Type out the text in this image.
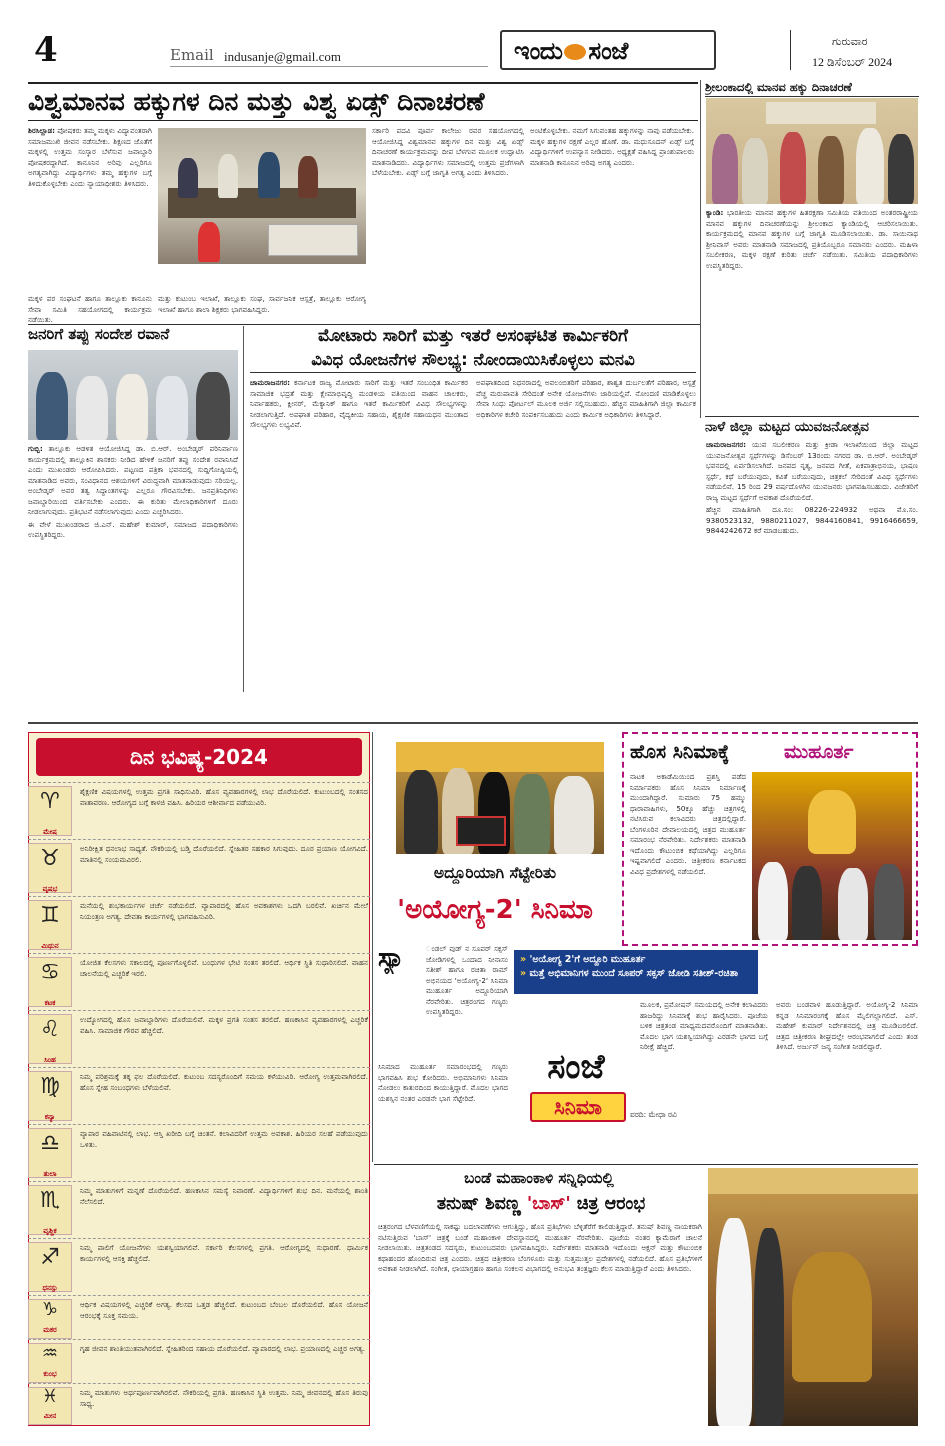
4	Email indusanje@gmail.com	ಇಂದು ಸಂಜೆ	ಗುರುವಾರ
12 ಡಿಸೆಂಬರ್ 2024
ವಿಶ್ವಮಾನವ ಹಕ್ಕುಗಳ ದಿನ ಮತ್ತು ವಿಶ್ವ ಏಡ್ಸ್ ದಿನಾಚರಣೆ

ಶಿರಸಿಲ್ಲಾಡ: ಪೋಷಕರು ತಮ್ಮ ಮಕ್ಕಳು ವಿದ್ಯಾವಂತರಾಗಿ ಸಮಾಜಮುಖಿ ಜೀವನ ನಡೆಸಬೇಕು. ಶಿಕ್ಷಣದ ಜೊತೆಗೆ ಮಕ್ಕಳಲ್ಲಿ ಉತ್ತಮ ಸಂಸ್ಕಾರ ಬೆಳೆಸುವ ಜವಾಬ್ದಾರಿ ಪೋಷಕರದ್ದಾಗಿದೆ. ಕಾನೂನಿನ ಅರಿವು ಎಲ್ಲರಿಗೂ ಅಗತ್ಯವಾಗಿದ್ದು ವಿದ್ಯಾರ್ಥಿಗಳು ತಮ್ಮ ಹಕ್ಕುಗಳ ಬಗ್ಗೆ ತಿಳಿದುಕೊಳ್ಳಬೇಕು ಎಂದು ನ್ಯಾಯಾಧೀಶರು ತಿಳಿಸಿದರು.

ಮಕ್ಕಳ ಪರ ಸಂಘಟನೆ ಹಾಗೂ ತಾಲ್ಲೂಕು ಕಾನೂನು ಸೇವಾ ಸಮಿತಿ ಸಹಯೋಗದಲ್ಲಿ ಕಾರ್ಯಕ್ರಮ ನಡೆಯಿತು.
ಮತ್ತು ಕುಟುಂಬ ಇಲಾಖೆ, ತಾಲ್ಲೂಕು ಸಂಘ, ಸಾರ್ವಜನಿಕ ಆಸ್ಪತ್ರೆ, ತಾಲ್ಲೂಕು ಆರೋಗ್ಯ ಇಲಾಖೆ ಹಾಗೂ ಶಾಲಾ ಶಿಕ್ಷಕರು ಭಾಗವಹಿಸಿದ್ದರು.
ಸರ್ಕಾರಿ ಪದವಿ ಪೂರ್ವ ಕಾಲೇಜು ರವರ ಸಹಯೋಗದಲ್ಲಿ ಆಯೋಜಿಸಿದ್ದ ವಿಶ್ವಮಾನವ ಹಕ್ಕುಗಳ ದಿನ ಮತ್ತು ವಿಶ್ವ ಏಡ್ಸ್ ದಿನಾಚರಣೆ ಕಾರ್ಯಕ್ರಮವನ್ನು ದೀಪ ಬೆಳಗುವ ಮೂಲಕ ಉದ್ಘಾಟಿಸಿ ಮಾತನಾಡಿದರು. ವಿದ್ಯಾರ್ಥಿಗಳು ಸಮಾಜದಲ್ಲಿ ಉತ್ತಮ ಪ್ರಜೆಗಳಾಗಿ ಬೆಳೆಯಬೇಕು. ಏಡ್ಸ್ ಬಗ್ಗೆ ಜಾಗೃತಿ ಅಗತ್ಯ ಎಂದು ತಿಳಿಸಿದರು.
ಅಂಟಿಕೊಳ್ಳಬೇಕು. ನಮಗೆ ಸಿಗುವಂತಹ ಹಕ್ಕುಗಳನ್ನು ನಾವು ಪಡೆಯಬೇಕು. ಮಕ್ಕಳ ಹಕ್ಕುಗಳ ರಕ್ಷಣೆ ಎಲ್ಲರ ಹೊಣೆ. ಡಾ. ಮಧುಸೂದನ್ ಏಡ್ಸ್ ಬಗ್ಗೆ ವಿದ್ಯಾರ್ಥಿಗಳಿಗೆ ಉಪನ್ಯಾಸ ನೀಡಿದರು. ಅಧ್ಯಕ್ಷತೆ ವಹಿಸಿದ್ದ ಪ್ರಾಂಶುಪಾಲರು ಮಾತನಾಡಿ ಕಾನೂನಿನ ಅರಿವು ಅಗತ್ಯ ಎಂದರು.
ಶ್ರೀಲಂಕಾದಲ್ಲಿ ಮಾನವ ಹಕ್ಕು ದಿನಾಚರಣೆ

ಕ್ಯಾಂಡಿ: ಭಾರತೀಯ ಮಾನವ ಹಕ್ಕುಗಳ ಹಿತರಕ್ಷಣಾ ಸಮಿತಿಯ ವತಿಯಿಂದ ಅಂತರರಾಷ್ಟ್ರೀಯ ಮಾನವ ಹಕ್ಕುಗಳ ದಿನಾಚರಣೆಯನ್ನು ಶ್ರೀಲಂಕಾದ ಕ್ಯಾಂಡಿಯಲ್ಲಿ ಆಚರಿಸಲಾಯಿತು. ಕಾರ್ಯಕ್ರಮದಲ್ಲಿ ಮಾನವ ಹಕ್ಕುಗಳ ಬಗ್ಗೆ ಜಾಗೃತಿ ಮೂಡಿಸಲಾಯಿತು. ಡಾ. ಸಾಯಿನಾಥ ಶ್ರೀನಿವಾಸ್ ಅವರು ಮಾತನಾಡಿ ಸಮಾಜದಲ್ಲಿ ಪ್ರತಿಯೊಬ್ಬರೂ ಸಮಾನರು ಎಂದರು. ಮಹಿಳಾ ಸಬಲೀಕರಣ, ಮಕ್ಕಳ ರಕ್ಷಣೆ ಕುರಿತು ಚರ್ಚೆ ನಡೆಯಿತು. ಸಮಿತಿಯ ಪದಾಧಿಕಾರಿಗಳು ಉಪಸ್ಥಿತರಿದ್ದರು.

ನಾಳೆ ಜಿಲ್ಲಾ ಮಟ್ಟದ ಯುವಜನೋತ್ಸವ

ಚಾಮರಾಜನಗರ: ಯುವ ಸಬಲೀಕರಣ ಮತ್ತು ಕ್ರೀಡಾ ಇಲಾಖೆಯಿಂದ ಜಿಲ್ಲಾ ಮಟ್ಟದ ಯುವಜನೋತ್ಸವ ಸ್ಪರ್ಧೆಗಳನ್ನು ಡಿಸೆಂಬರ್ 13ರಂದು ನಗರದ ಡಾ. ಬಿ.ಆರ್. ಅಂಬೇಡ್ಕರ್ ಭವನದಲ್ಲಿ ಏರ್ಪಡಿಸಲಾಗಿದೆ. ಜನಪದ ನೃತ್ಯ, ಜನಪದ ಗೀತೆ, ಏಕಪಾತ್ರಾಭಿನಯ, ಭಾಷಣ ಸ್ಪರ್ಧೆ, ಕಥೆ ಬರೆಯುವುದು, ಕವಿತೆ ಬರೆಯುವುದು, ಚಿತ್ರಕಲೆ ಸೇರಿದಂತೆ ವಿವಿಧ ಸ್ಪರ್ಧೆಗಳು ನಡೆಯಲಿವೆ. 15 ರಿಂದ 29 ವರ್ಷದೊಳಗಿನ ಯುವಜನರು ಭಾಗವಹಿಸಬಹುದು. ವಿಜೇತರಿಗೆ ರಾಜ್ಯ ಮಟ್ಟದ ಸ್ಪರ್ಧೆಗೆ ಅವಕಾಶ ದೊರೆಯಲಿದೆ.

ಹೆಚ್ಚಿನ ಮಾಹಿತಿಗಾಗಿ ದೂ.ಸಂ: 08226-224932 ಅಥವಾ ಮೊ.ಸಂ. 9380523132, 9880211027, 9844160841, 9916466659, 9844242672 ಕರೆ ಮಾಡಬಹುದು.

ಜನರಿಗೆ ತಪ್ಪು ಸಂದೇಶ ರವಾನೆ

ಗುಬ್ಬಿ: ತಾಲ್ಲೂಕು ಆಡಳಿತ ಆಯೋಜಿಸಿದ್ದ ಡಾ. ಬಿ.ಆರ್. ಅಂಬೇಡ್ಕರ್ ಪರಿನಿರ್ವಾಣ ಕಾರ್ಯಕ್ರಮದಲ್ಲಿ ತಾಲ್ಲೂಕಿನ ಶಾಸಕರು ನೀಡಿದ ಹೇಳಿಕೆ ಜನರಿಗೆ ತಪ್ಪು ಸಂದೇಶ ರವಾನಿಸಿದೆ ಎಂದು ಮುಖಂಡರು ಆರೋಪಿಸಿದರು. ಪಟ್ಟಣದ ಪತ್ರಿಕಾ ಭವನದಲ್ಲಿ ಸುದ್ದಿಗೋಷ್ಠಿಯಲ್ಲಿ ಮಾತನಾಡಿದ ಅವರು, ಸಂವಿಧಾನದ ಆಶಯಗಳಿಗೆ ವಿರುದ್ಧವಾಗಿ ಮಾತನಾಡುವುದು ಸರಿಯಲ್ಲ. ಅಂಬೇಡ್ಕರ್ ಅವರ ತತ್ವ ಸಿದ್ಧಾಂತಗಳನ್ನು ಎಲ್ಲರೂ ಗೌರವಿಸಬೇಕು. ಜನಪ್ರತಿನಿಧಿಗಳು ಜವಾಬ್ದಾರಿಯಿಂದ ವರ್ತಿಸಬೇಕು ಎಂದರು. ಈ ಕುರಿತು ಮೇಲಾಧಿಕಾರಿಗಳಿಗೆ ದೂರು ನೀಡಲಾಗುವುದು. ಪ್ರತಿಭಟನೆ ನಡೆಸಲಾಗುವುದು ಎಂದು ಎಚ್ಚರಿಸಿದರು.

ಈ ವೇಳೆ ಮುಖಂಡರಾದ ಜಿ.ಎನ್. ಮಹೇಶ್ ಕುಮಾರ್, ಸಮಾಜದ ಪದಾಧಿಕಾರಿಗಳು ಉಪಸ್ಥಿತರಿದ್ದರು.

ಮೋಟಾರು ಸಾರಿಗೆ ಮತ್ತು ಇತರೆ ಅಸಂಘಟಿತ ಕಾರ್ಮಿಕರಿಗೆ
ವಿವಿಧ ಯೋಜನೆಗಳ ಸೌಲಭ್ಯ: ನೋಂದಾಯಿಸಿಕೊಳ್ಳಲು ಮನವಿ

ಚಾಮರಾಜನಗರ: ಕರ್ನಾಟಕ ರಾಜ್ಯ ಮೋಟಾರು ಸಾರಿಗೆ ಮತ್ತು ಇತರೆ ಸಂಬಂಧಿತ ಕಾರ್ಮಿಕರ ಸಾಮಾಜಿಕ ಭದ್ರತೆ ಮತ್ತು ಕ್ಷೇಮಾಭಿವೃದ್ಧಿ ಮಂಡಳಿಯ ವತಿಯಿಂದ ವಾಹನ ಚಾಲಕರು, ನಿರ್ವಾಹಕರು, ಕ್ಲೀನರ್, ಮೆಕ್ಯಾನಿಕ್ ಹಾಗೂ ಇತರೆ ಕಾರ್ಮಿಕರಿಗೆ ವಿವಿಧ ಸೌಲಭ್ಯಗಳನ್ನು ನೀಡಲಾಗುತ್ತಿದೆ. ಅಪಘಾತ ಪರಿಹಾರ, ವೈದ್ಯಕೀಯ ಸಹಾಯ, ಶೈಕ್ಷಣಿಕ ಸಹಾಯಧನ ಮುಂತಾದ ಸೌಲಭ್ಯಗಳು ಲಭ್ಯವಿವೆ.

ಅಪಘಾತದಿಂದ ನಿಧನರಾದಲ್ಲಿ ಅವಲಂಬಿತರಿಗೆ ಪರಿಹಾರ, ಶಾಶ್ವತ ದುರ್ಬಲತೆಗೆ ಪರಿಹಾರ, ಆಸ್ಪತ್ರೆ ವೆಚ್ಚ ಮರುಪಾವತಿ ಸೇರಿದಂತೆ ಅನೇಕ ಯೋಜನೆಗಳು ಜಾರಿಯಲ್ಲಿವೆ. ನೋಂದಣಿ ಮಾಡಿಕೊಳ್ಳಲು ಸೇವಾ ಸಿಂಧು ಪೋರ್ಟಲ್ ಮೂಲಕ ಅರ್ಜಿ ಸಲ್ಲಿಸಬಹುದು. ಹೆಚ್ಚಿನ ಮಾಹಿತಿಗಾಗಿ ಜಿಲ್ಲಾ ಕಾರ್ಮಿಕ ಅಧಿಕಾರಿಗಳ ಕಚೇರಿ ಸಂಪರ್ಕಿಸಬಹುದು ಎಂದು ಕಾರ್ಮಿಕ ಅಧಿಕಾರಿಗಳು ತಿಳಿಸಿದ್ದಾರೆ.
ದಿನ ಭವಿಷ್ಯ-2024
♈
ಮೇಷ
ಶೈಕ್ಷಣಿಕ ವಿಷಯಗಳಲ್ಲಿ ಉತ್ತಮ ಪ್ರಗತಿ ಸಾಧಿಸುವಿರಿ. ಹೊಸ ವ್ಯವಹಾರಗಳಲ್ಲಿ ಲಾಭ ದೊರೆಯಲಿದೆ. ಕುಟುಂಬದಲ್ಲಿ ಸಂತಸದ ವಾತಾವರಣ. ಆರೋಗ್ಯದ ಬಗ್ಗೆ ಕಾಳಜಿ ವಹಿಸಿ. ಹಿರಿಯರ ಆಶೀರ್ವಾದ ಪಡೆಯುವಿರಿ.
♉
ವೃಷಭ
ಅನಿರೀಕ್ಷಿತ ಧನಲಾಭ ಸಾಧ್ಯತೆ. ನೌಕರಿಯಲ್ಲಿ ಬಡ್ತಿ ದೊರೆಯಲಿದೆ. ಸ್ನೇಹಿತರ ಸಹಕಾರ ಸಿಗುವುದು. ದೂರ ಪ್ರಯಾಣ ಯೋಗವಿದೆ. ಮಾತಿನಲ್ಲಿ ಸಂಯಮವಿರಲಿ.
♊
ಮಿಥುನ
ಮನೆಯಲ್ಲಿ ಶುಭಕಾರ್ಯಗಳ ಚರ್ಚೆ ನಡೆಯಲಿದೆ. ವ್ಯಾಪಾರದಲ್ಲಿ ಹೊಸ ಅವಕಾಶಗಳು ಒದಗಿ ಬರಲಿವೆ. ಖರ್ಚಿನ ಮೇಲೆ ನಿಯಂತ್ರಣ ಅಗತ್ಯ. ದೇವತಾ ಕಾರ್ಯಗಳಲ್ಲಿ ಭಾಗವಹಿಸುವಿರಿ.
♋
ಕಟಕ
ಯೋಜಿತ ಕೆಲಸಗಳು ಸಕಾಲದಲ್ಲಿ ಪೂರ್ಣಗೊಳ್ಳಲಿವೆ. ಬಂಧುಗಳ ಭೇಟಿ ಸಂತಸ ತರಲಿದೆ. ಆರ್ಥಿಕ ಸ್ಥಿತಿ ಸುಧಾರಿಸಲಿದೆ. ವಾಹನ ಚಾಲನೆಯಲ್ಲಿ ಎಚ್ಚರಿಕೆ ಇರಲಿ.
♌
ಸಿಂಹ
ಉದ್ಯೋಗದಲ್ಲಿ ಹೊಸ ಜವಾಬ್ದಾರಿಗಳು ದೊರೆಯಲಿವೆ. ಮಕ್ಕಳ ಪ್ರಗತಿ ಸಂತಸ ತರಲಿದೆ. ಹಣಕಾಸಿನ ವ್ಯವಹಾರಗಳಲ್ಲಿ ಎಚ್ಚರಿಕೆ ವಹಿಸಿ. ಸಾಮಾಜಿಕ ಗೌರವ ಹೆಚ್ಚಲಿದೆ.
♍
ಕನ್ಯಾ
ನಿಮ್ಮ ಪರಿಶ್ರಮಕ್ಕೆ ತಕ್ಕ ಫಲ ದೊರೆಯಲಿದೆ. ಕುಟುಂಬ ಸದಸ್ಯರೊಂದಿಗೆ ಸಮಯ ಕಳೆಯುವಿರಿ. ಆರೋಗ್ಯ ಉತ್ತಮವಾಗಿರಲಿದೆ. ಹೊಸ ಸ್ನೇಹ ಸಂಬಂಧಗಳು ಬೆಳೆಯಲಿವೆ.
♎
ತುಲಾ
ವ್ಯಾಪಾರ ವಹಿವಾಟಿನಲ್ಲಿ ಲಾಭ. ಆಸ್ತಿ ಖರೀದಿ ಬಗ್ಗೆ ಚಿಂತನೆ. ಕಲಾವಿದರಿಗೆ ಉತ್ತಮ ಅವಕಾಶ. ಹಿರಿಯರ ಸಲಹೆ ಪಡೆಯುವುದು ಒಳಿತು.
♏
ವೃಶ್ಚಿಕ
ನಿಮ್ಮ ಮಾತುಗಳಿಗೆ ಮನ್ನಣೆ ದೊರೆಯಲಿದೆ. ಹಣಕಾಸಿನ ಸಮಸ್ಯೆ ನಿವಾರಣೆ. ವಿದ್ಯಾರ್ಥಿಗಳಿಗೆ ಶುಭ ದಿನ. ಮನೆಯಲ್ಲಿ ಶಾಂತಿ ನೆಲೆಸಲಿದೆ.
♐
ಧನಸ್ಸು
ನಿಮ್ಮ ಪಾಲಿಗೆ ಯೋಜನೆಗಳು ಯಶಸ್ವಿಯಾಗಲಿವೆ. ಸರ್ಕಾರಿ ಕೆಲಸಗಳಲ್ಲಿ ಪ್ರಗತಿ. ಆರೋಗ್ಯದಲ್ಲಿ ಸುಧಾರಣೆ. ಧಾರ್ಮಿಕ ಕಾರ್ಯಗಳಲ್ಲಿ ಆಸಕ್ತಿ ಹೆಚ್ಚಲಿದೆ.
♑
ಮಕರ
ಆರ್ಥಿಕ ವಿಷಯಗಳಲ್ಲಿ ಎಚ್ಚರಿಕೆ ಅಗತ್ಯ. ಕೆಲಸದ ಒತ್ತಡ ಹೆಚ್ಚಲಿದೆ. ಕುಟುಂಬದ ಬೆಂಬಲ ದೊರೆಯಲಿದೆ. ಹೊಸ ಯೋಜನೆ ಆರಂಭಕ್ಕೆ ಸೂಕ್ತ ಸಮಯ.
♒
ಕುಂಭ
ಗೃಹ ಜೀವನ ಶಾಂತಿಯುತವಾಗಿರಲಿದೆ. ಸ್ನೇಹಿತರಿಂದ ಸಹಾಯ ದೊರೆಯಲಿದೆ. ವ್ಯಾಪಾರದಲ್ಲಿ ಲಾಭ. ಪ್ರಯಾಣದಲ್ಲಿ ಎಚ್ಚರ ಅಗತ್ಯ.
♓
ಮೀನ
ನಿಮ್ಮ ಮಾತುಗಳು ಅರ್ಥಪೂರ್ಣವಾಗಿರಲಿವೆ. ನೌಕರಿಯಲ್ಲಿ ಪ್ರಗತಿ. ಹಣಕಾಸಿನ ಸ್ಥಿತಿ ಉತ್ತಮ. ನಿಮ್ಮ ಜೀವನದಲ್ಲಿ ಹೊಸ ತಿರುವು ಸಾಧ್ಯ.
ಅದ್ದೂರಿಯಾಗಿ ಸೆಟ್ಟೇರಿತು
'ಅಯೋಗ್ಯ-2' ಸಿನಿಮಾ
ಸ್ಯಾ	ಂಡಲ್ ವುಡ್ ನ ಸೂಪರ್ ಸಕ್ಸಸ್ ಜೋಡಿಗಳಲ್ಲಿ ಒಂದಾದ ನೀನಾಸಂ ಸತೀಶ್ ಹಾಗೂ ರಚಿತಾ ರಾಮ್ ಅಭಿನಯದ 'ಅಯೋಗ್ಯ-2' ಸಿನಿಮಾ ಮುಹೂರ್ತ ಅದ್ದೂರಿಯಾಗಿ ನೆರವೇರಿತು. ಚಿತ್ರರಂಗದ ಗಣ್ಯರು ಉಪಸ್ಥಿತರಿದ್ದರು.
ಸಿನಿಮಾದ ಮುಹೂರ್ತ ಸಮಾರಂಭದಲ್ಲಿ ಗಣ್ಯರು ಭಾಗವಹಿಸಿ ಶುಭ ಕೋರಿದರು. ಅಭಿಮಾನಿಗಳು ಸಿನಿಮಾ ನೋಡಲು ಕಾತುರದಿಂದ ಕಾಯುತ್ತಿದ್ದಾರೆ. ಮೊದಲ ಭಾಗದ ಯಶಸ್ಸಿನ ನಂತರ ಎರಡನೇ ಭಾಗ ಸೆಟ್ಟೇರಿದೆ.
» 'ಅಯೋಗ್ಯ 2'ಗೆ ಅದ್ದೂರಿ ಮುಹೂರ್ತ
» ಮತ್ತೆ ಅಭಿಮಾನಿಗಳ ಮುಂದೆ ಸೂಪರ್ ಸಕ್ಸಸ್ ಜೋಡಿ ಸತೀಶ್-ರಚಿತಾ
ಸಂಜೆ
ಸಿನಿಮಾ	ವರದಿ: ಮೇಧಾ ರವಿ
ಮೂಲಕ, ಪ್ರಮೋಷನ್ ಸಮಯದಲ್ಲಿ ಅನೇಕ ಕಲಾವಿದರು ಹಾಜರಿದ್ದು ಸಿನಿಮಾಕ್ಕೆ ಶುಭ ಹಾರೈಸಿದರು. ಪೂಜೆಯ ಬಳಿಕ ಚಿತ್ರತಂಡ ಮಾಧ್ಯಮದವರೊಂದಿಗೆ ಮಾತನಾಡಿತು. ಮೊದಲ ಭಾಗ ಯಶಸ್ವಿಯಾಗಿದ್ದು ಎರಡನೇ ಭಾಗದ ಬಗ್ಗೆ ನಿರೀಕ್ಷೆ ಹೆಚ್ಚಿದೆ.
ಅವರು ಬಂಡವಾಳ ಹೂಡುತ್ತಿದ್ದಾರೆ. ಅಯೋಗ್ಯ-2 ಸಿನಿಮಾ ಕನ್ನಡ ಸಿನಿಮಾರಂಗಕ್ಕೆ ಹೊಸ ಮೈಲಿಗಲ್ಲಾಗಲಿದೆ. ಎಸ್. ಮಹೇಶ್ ಕುಮಾರ್ ನಿರ್ದೇಶನದಲ್ಲಿ ಚಿತ್ರ ಮೂಡಿಬರಲಿದೆ. ಚಿತ್ರದ ಚಿತ್ರೀಕರಣ ಶೀಘ್ರದಲ್ಲೇ ಆರಂಭವಾಗಲಿದೆ ಎಂದು ತಂಡ ತಿಳಿಸಿದೆ. ಅರ್ಜುನ್ ಜನ್ಯ ಸಂಗೀತ ನೀಡಲಿದ್ದಾರೆ.
ಹೊಸ ಸಿನಿಮಾಕ್ಕೆ	ಮುಹೂರ್ತ
ನಾಟಕ ಅಕಾಡೆಮಿಯಿಂದ ಪ್ರಶಸ್ತಿ ಪಡೆದ ನಿರ್ಮಾಪಕರು ಹೊಸ ಸಿನಿಮಾ ನಿರ್ಮಾಣಕ್ಕೆ ಮುಂದಾಗಿದ್ದಾರೆ. ಸುಮಾರು 75 ಹಮ್ಮು ಧಾರಾವಾಹಿಗಳು, 50ಕ್ಕೂ ಹೆಚ್ಚು ಚಿತ್ರಗಳಲ್ಲಿ ನಟಿಸಿರುವ ಕಲಾವಿದರು ಚಿತ್ರದಲ್ಲಿದ್ದಾರೆ. ಬೆಂಗಳೂರಿನ ದೇವಾಲಯದಲ್ಲಿ ಚಿತ್ರದ ಮುಹೂರ್ತ ಸಮಾರಂಭ ನೆರವೇರಿತು. ನಿರ್ದೇಶಕರು ಮಾತನಾಡಿ ಇದೊಂದು ಕೌಟುಂಬಿಕ ಕಥೆಯಾಗಿದ್ದು ಎಲ್ಲರಿಗೂ ಇಷ್ಟವಾಗಲಿದೆ ಎಂದರು. ಚಿತ್ರೀಕರಣ ಕರ್ನಾಟಕದ ವಿವಿಧ ಪ್ರದೇಶಗಳಲ್ಲಿ ನಡೆಯಲಿದೆ.
ಬಂಡೆ ಮಹಾಂಕಾಳಿ ಸನ್ನಿಧಿಯಲ್ಲಿ
ತನುಷ್ ಶಿವಣ್ಣ 'ಬಾಸ್' ಚಿತ್ರ ಆರಂಭ
ಚಿತ್ರರಂಗದ ಬೆಳವಣಿಗೆಯಲ್ಲಿ ಸಾಕಷ್ಟು ಬದಲಾವಣೆಗಳು ಆಗುತ್ತಿದ್ದು, ಹೊಸ ಪ್ರತಿಭೆಗಳು ಬೆಳ್ಳಿತೆರೆಗೆ ಕಾಲಿಡುತ್ತಿದ್ದಾರೆ. ತನುಷ್ ಶಿವಣ್ಣ ನಾಯಕರಾಗಿ ನಟಿಸುತ್ತಿರುವ 'ಬಾಸ್' ಚಿತ್ರಕ್ಕೆ ಬಂಡೆ ಮಹಾಂಕಾಳಿ ದೇವಸ್ಥಾನದಲ್ಲಿ ಮುಹೂರ್ತ ನೆರವೇರಿತು. ಪೂಜೆಯ ನಂತರ ಕ್ಯಾಮೆರಾಗೆ ಚಾಲನೆ ನೀಡಲಾಯಿತು. ಚಿತ್ರತಂಡದ ಸದಸ್ಯರು, ಕುಟುಂಬದವರು ಭಾಗವಹಿಸಿದ್ದರು. ನಿರ್ದೇಶಕರು ಮಾತನಾಡಿ ಇದೊಂದು ಆಕ್ಷನ್ ಮತ್ತು ಕೌಟುಂಬಿಕ ಕಥಾಹಂದರ ಹೊಂದಿರುವ ಚಿತ್ರ ಎಂದರು. ಚಿತ್ರದ ಚಿತ್ರೀಕರಣ ಬೆಂಗಳೂರು ಮತ್ತು ಸುತ್ತಮುತ್ತಲ ಪ್ರದೇಶಗಳಲ್ಲಿ ನಡೆಯಲಿದೆ. ಹೊಸ ಪ್ರತಿಭೆಗಳಿಗೆ ಅವಕಾಶ ನೀಡಲಾಗಿದೆ. ಸಂಗೀತ, ಛಾಯಾಗ್ರಹಣ ಹಾಗೂ ಸಂಕಲನ ವಿಭಾಗದಲ್ಲಿ ಅನುಭವಿ ತಂತ್ರಜ್ಞರು ಕೆಲಸ ಮಾಡುತ್ತಿದ್ದಾರೆ ಎಂದು ತಿಳಿಸಿದರು.
